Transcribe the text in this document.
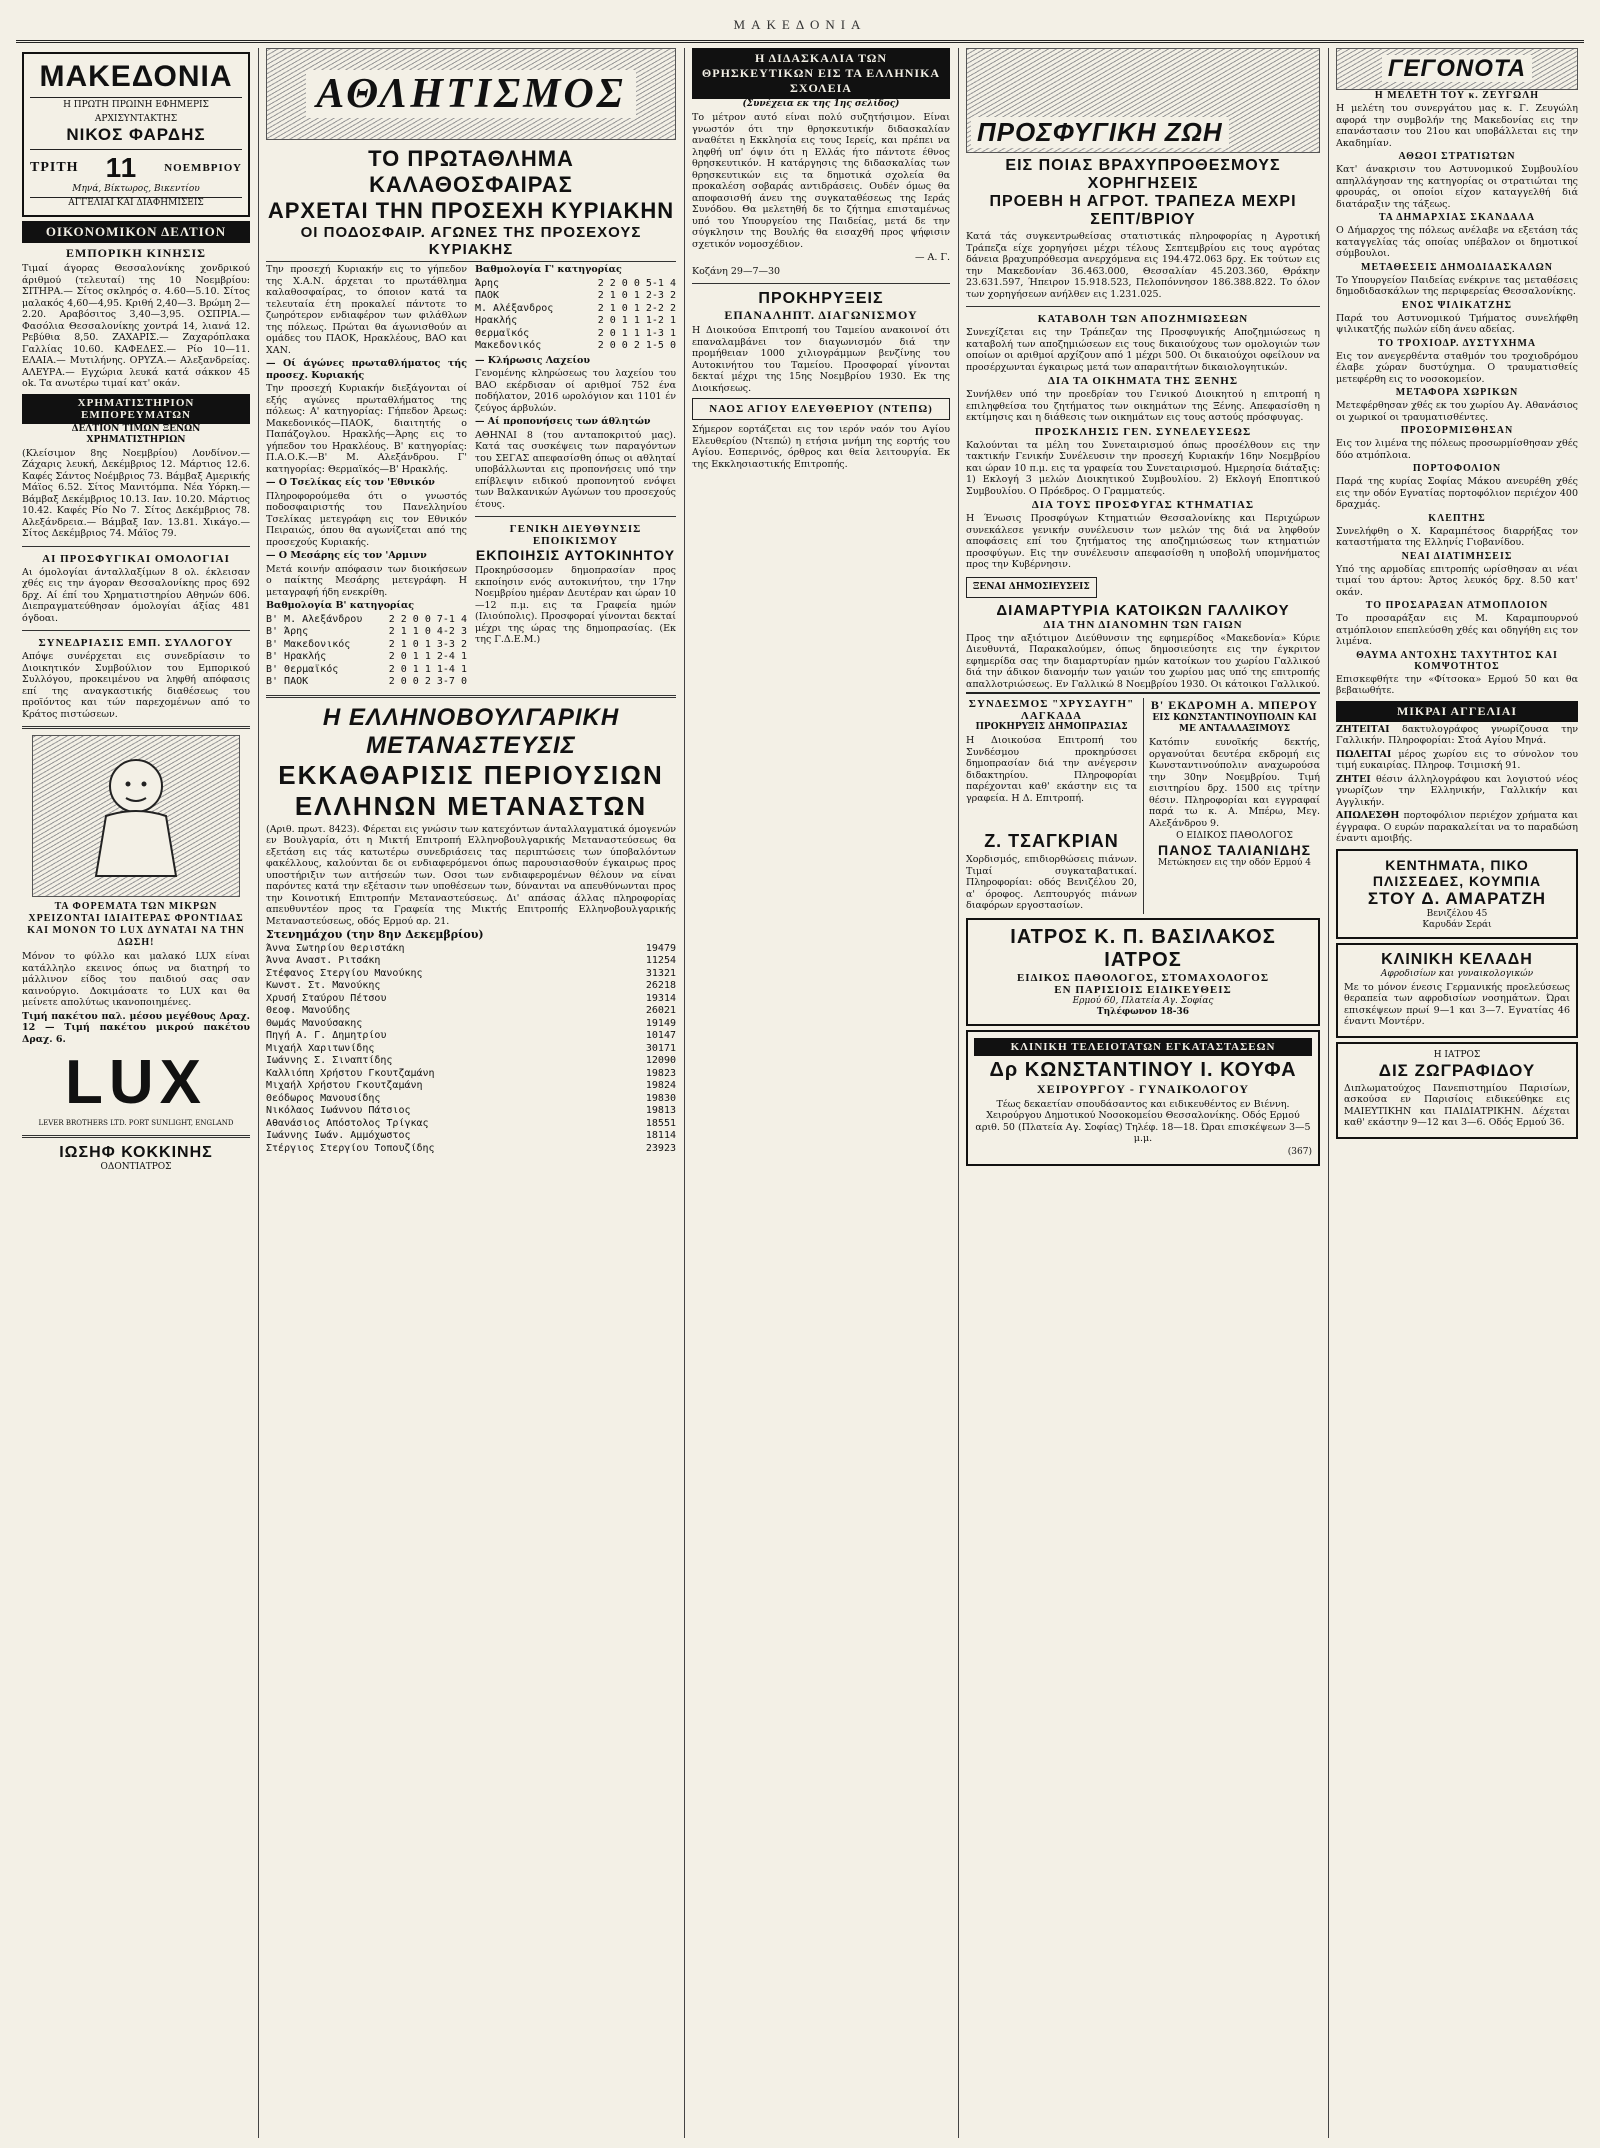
ΜΑΚΕΔΟΝΙΑ
ΜΑΚΕΔΟΝΙΑ
Η ΠΡΩΤΗ ΠΡΩΙΝΗ ΕΦΗΜΕΡΙΣ
ΑΡΧΙΣΥΝΤΑΚΤΗΣ
ΝΙΚΟΣ ΦΑΡΔΗΣ
ΤΡΙΤΗ 11 ΝΟΕΜΒΡΙΟΥ
Μηνά, Βίκτωρος, Βικεντίου
ΑΓΓΕΛΙΑΙ ΚΑΙ ΔΙΑΦΗΜΙΣΕΙΣ
ΟΙΚΟΝΟΜΙΚΟΝ ΔΕΛΤΙΟΝ
ΕΜΠΟΡΙΚΗ ΚΙΝΗΣΙΣ
Τιμαί άγορας Θεσσαλονίκης χονδρικού άριθμού (τελευταί) της 10 Νοεμβρίου: ΣΙΤΗΡΑ.— Σίτος σκληρός σ. 4.60—5.10. Σίτος μαλακός 4,60—4,95. Κριθή 2,40—3. Βρώμη 2—2.20. Αραβόσιτος 3,40—3,95. ΟΣΠΡΙΑ.— Φασόλια Θεσσαλονίκης χοντρά 14, λιανά 12. Ρεβύθια 8,50. ΖΑΧΑΡΙΣ.— Ζαχαρόπλακα Γαλλίας 10.60. ΚΑΦΕΔΕΣ.— Ρίο 10—11. ΕΛΑΙΑ.— Μυτιλήνης. ΟΡΥΖΑ.— Αλεξανδρείας. ΑΛΕΥΡΑ.— Εγχώρια λευκά κατά σάκκον 45 ok. Τα ανωτέρω τιμαί κατ' οκάν.
ΧΡΗΜΑΤΙΣΤΗΡΙΟΝ ΕΜΠΟΡΕΥΜΑΤΩΝ
ΔΕΛΤΙΟΝ ΤΙΜΩΝ ΞΕΝΩΝ ΧΡΗΜΑΤΙΣΤΗΡΙΩΝ
(Κλείσιμον 8ης Νοεμβρίου) Λονδίνον.— Ζάχαρις λευκή, Δεκέμβριος 12. Μάρτιος 12.6. Καφές Σάντος Νοέμβριος 73. Βάμβαξ Αμερικής Μάϊος 6.52. Σίτος Μανιτόμπα. Νέα Υόρκη.— Βάμβαξ Δεκέμβριος 10.13. Ιαν. 10.20. Μάρτιος 10.42. Καφές Ρίο Νο 7. Σίτος Δεκέμβριος 78. Αλεξάνδρεια.— Βάμβαξ Ιαν. 13.81. Χικάγο.— Σίτος Δεκέμβριος 74. Μάϊος 79.
ΑΙ ΠΡΟΣΦΥΓΙΚΑΙ ΟΜΟΛΟΓΙΑΙ
Αι όμολογίαι άνταλλαξίμων 8 ολ. έκλεισαν χθές εις την άγοραν Θεσσαλονίκης προς 692 δρχ. Αί έπί του Χρηματιστηρίου Αθηνών 606. Διεπραγματεύθησαν όμολογίαι άξίας 481 όγδοαι.
ΣΥΝΕΔΡΙΑΣΙΣ ΕΜΠ. ΣΥΛΛΟΓΟΥ
Απόψε συνέρχεται εις συνεδρίασιν το Διοικητικόν Συμβούλιον του Εμπορικού Συλλόγου, προκειμένου να ληφθή απόφασις επί της αναγκαστικής διαθέσεως του προϊόντος και τών παρεχομένων από το Κράτος πιστώσεων.
ΤΑ ΦΟΡΕΜΑΤΑ ΤΩΝ ΜΙΚΡΩΝ ΧΡΕΙΖΟΝΤΑΙ ΙΔΙΑΙΤΕΡΑΣ ΦΡΟΝΤΙΔΑΣ ΚΑΙ ΜΟΝΟΝ ΤΟ LUX ΔΥΝΑΤΑΙ ΝΑ ΤΗΝ ΔΩΣΗ!
Μόνον το φύλλο και μαλακό LUX είναι κατάλληλο εκεινος όπως να διατηρή το μάλλινον είδος του παιδιού σας σαν καινούργιο. Δοκιμάσατε το LUX και θα μείνετε απολύτως ικανοποιημένες.
Τιμή πακέτου παλ. μέσου μεγέθους Δραχ. 12 — Τιμή πακέτου μικρού πακέτου Δραχ. 6.
LUX
LEVER BROTHERS LTD. PORT SUNLIGHT, ENGLAND
ΙΩΣΗΦ ΚΟΚΚΙΝΗΣ
ΟΔΟΝΤΙΑΤΡΟΣ
ΑΘΛΗΤΙΣΜΟΣ
ΤΟ ΠΡΩΤΑΘΛΗΜΑ ΚΑΛΑΘΟΣΦΑΙΡΑΣ
ΑΡΧΕΤΑΙ ΤΗΝ ΠΡΟΣΕΧΗ ΚΥΡΙΑΚΗΝ
ΟΙ ΠΟΔΟΣΦΑΙΡ. ΑΓΩΝΕΣ ΤΗΣ ΠΡΟΣΕΧΟΥΣ ΚΥΡΙΑΚΗΣ
Την προσεχή Κυριακήν εις το γήπεδον της Χ.Α.Ν. άρχεται το πρωτάθλημα καλαθοσφαίρας, το όποιον κατά τα τελευταία έτη προκαλεί πάντοτε το ζωηρότερον ενδιαφέρον των φιλάθλων της πόλεως. Πρώται θα άγωνισθούν αι ομάδες του ΠΑΟΚ, Ηρακλέους, ΒΑΟ και ΧΑΝ.
— Οί άγώνες πρωταθλήματος τής προσεχ. Κυριακής
Την προσεχή Κυριακήν διεξάγονται οί εξής αγώνες πρωταθλήματος της πόλεως: Α' κατηγορίας: Γήπεδον Άρεως: Μακεδονικός—ΠΑΟΚ, διαιτητής ο Παπάζογλου. Ηρακλής—Άρης εις το γήπεδον του Ηρακλέους. Β' κατηγορίας: Π.Α.Ο.Κ.—Β' Μ. Αλεξάνδρου. Γ' κατηγορίας: Θερμαϊκός—Β' Ηρακλής.
— Ο Τσελίκας είς τον 'Εθνικόν
Πληροφορούμεθα ότι ο γνωστός ποδοσφαιριστής του Πανελληνίου Τσελίκας μετεγράφη εις τον Εθνικόν Πειραιώς, όπου θα αγωνίζεται από της προσεχούς Κυριακής.
— Ο Μεσάρης είς τον 'Αρμινν
Μετά κοινήν απόφασιν των διοικήσεων ο παίκτης Μεσάρης μετεγράφη. Η μεταγραφή ήδη ενεκρίθη.
Βαθμολογία Β' κατηγορίας
Β' Μ. Αλεξάνδρου	2 2 0 0 7-1 4
Β' Άρης	2 1 1 0 4-2 3
Β' Μακεδονικός	2 1 0 1 3-3 2
Β' Ηρακλής	2 0 1 1 2-4 1
Β' Θερμαϊκός	2 0 1 1 1-4 1
Β' ΠΑΟΚ	2 0 0 2 3-7 0
Βαθμολογία Γ' κατηγορίας
Άρης	2 2 0 0 5-1 4
ΠΑΟΚ	2 1 0 1 2-3 2
Μ. Αλέξανδρος	2 1 0 1 2-2 2
Ηρακλής	2 0 1 1 1-2 1
Θερμαϊκός	2 0 1 1 1-3 1
Μακεδονικός	2 0 0 2 1-5 0
— Κλήρωσις Λαχείου
Γενομένης κληρώσεως του λαχείου του ΒΑΟ εκέρδισαν οί αριθμοί 752 ένα ποδήλατον, 2016 ωρολόγιον και 1101 έν ζεύγος άρβυλών.
— Αί προπονήσεις των άθλητών
ΑΘΗΝΑΙ 8 (του ανταποκριτού μας). Κατά τας συσκέψεις των παραγόντων του ΣΕΓΑΣ απεφασίσθη όπως οι αθληταί υποβάλλωνται εις προπονήσεις υπό την επίβλεψιν ειδικού προπονητού ενόψει των Βαλκανικών Αγώνων του προσεχούς έτους.
ΓΕΝΙΚΗ ΔΙΕΥΘΥΝΣΙΣ ΕΠΟΙΚΙΣΜΟΥ
ΕΚΠΟΙΗΣΙΣ ΑΥΤΟΚΙΝΗΤΟΥ
Προκηρύσσομεν δημοπρασίαν προς εκποίησιν ενός αυτοκινήτου, την 17ην Νοεμβρίου ημέραν Δευτέραν και ώραν 10—12 π.μ. εις τα Γραφεία ημών (Ιλιούπολις). Προσφοραί γίνονται δεκταί μέχρι της ώρας της δημοπρασίας. (Εκ της Γ.Δ.Ε.Μ.)
Η ΕΛΛΗΝΟΒΟΥΛΓΑΡΙΚΗ ΜΕΤΑΝΑΣΤΕΥΣΙΣ
ΕΚΚΑΘΑΡΙΣΙΣ ΠΕΡΙΟΥΣΙΩΝ ΕΛΛΗΝΩΝ ΜΕΤΑΝΑΣΤΩΝ
(Αριθ. πρωτ. 8423). Φέρεται εις γνώσιν των κατεχόντων άνταλλαγματικά όμογενών εν Βουλγαρία, ότι η Μικτή Επιτροπή Ελληνοβουλγαρικής Μεταναστεύσεως θα εξετάση εις τάς κατωτέρω συνεδριάσεις τας περιπτώσεις των ύποβαλόντων φακέλλους, καλούνται δε οι ενδιαφερόμενοι όπως παρουσιασθούν έγκαιρως προς υποστήριξιν των αιτήσεών των. Οσοι των ενδιαφερομένων θέλουν να είναι παρόντες κατά την εξέτασιν των υποθέσεων των, δύνανται να απευθύνωνται προς την Κοινοτική Επιτροπήν Μεταναστεύσεως. Δι' απάσας άλλας πληροφορίας απευθυντέον προς τα Γραφεία της Μικτής Επιτροπής Ελληνοβουλγαρικής Μεταναστεύσεως, οδός Ερμού αρ. 21.
Στενημάχου (την 8ην Δεκεμβρίου)
Άννα Σωτηρίου Θεριστάκη	19479
Άννα Αναστ. Ριτσάκη	11254
Στέφανος Στεργίου Μανούκης	31321
Κωνστ. Στ. Μανούκης	26218
Χρυσή Σταύρου Πέτσου	19314
Θεοφ. Μανούδης	26021
Θωμάς Μανούσακης	19149
Πηγή Α. Γ. Δημητρίου	10147
Μιχαήλ Χαριτωνίδης	30171
Ιωάννης Σ. Σιναπτίδης	12090
Καλλιόπη Χρήστου Γκουτζαμάνη	19823
Μιχαήλ Χρήστου Γκουτζαμάνη	19824
Θεόδωρος Μανουσίδης	19830
Νικόλαος Ιωάννου Πάτσιος	19813
Αθανάσιος Απόστολος Τρίγκας	18551
Ιωάννης Ιωάν. Αμμόχωστος	18114
Στέργιος Στεργίου Τοπουζίδης	23923
Η ΔΙΔΑΣΚΑΛΙΑ ΤΩΝ ΘΡΗΣΚΕΥΤΙΚΩΝ ΕΙΣ ΤΑ ΕΛΛΗΝΙΚΑ ΣΧΟΛΕΙΑ
(Συνέχεια εκ της 1ης σελίδος)
Το μέτρον αυτό είναι πολύ συζητήσιμον. Είναι γνωστόν ότι την θρησκευτικήν διδασκαλίαν αναθέτει η Εκκλησία εις τους Ιερείς, και πρέπει να ληφθή υπ' όψιν ότι η Ελλάς ήτο πάντοτε έθνος θρησκευτικόν. Η κατάργησις της διδασκαλίας των θρησκευτικών εις τα δημοτικά σχολεία θα προκαλέση σοβαράς αντιδράσεις. Ουδέν όμως θα αποφασισθή άνευ της συγκαταθέσεως της Ιεράς Συνόδου. Θα μελετηθή δε το ζήτημα επισταμένως υπό του Υπουργείου της Παιδείας, μετά δε την σύγκλησιν της Βουλής θα εισαχθή προς ψήφισιν σχετικόν νομοσχέδιον.
— Α. Γ.
Κοζάνη 29—7—30
ΠΡΟΚΗΡΥΞΕΙΣ
ΕΠΑΝΑΛΗΠΤ. ΔΙΑΓΩΝΙΣΜΟΥ
Η Διοικούσα Επιτροπή του Ταμείου ανακοινοί ότι επαναλαμβάνει τον διαγωνισμόν διά την προμήθειαν 1000 χιλιογράμμων βενζίνης του Αυτοκινήτου του Ταμείου. Προσφοραί γίνονται δεκταί μέχρι της 15ης Νοεμβρίου 1930. Εκ της Διοικήσεως.
ΝΑΟΣ ΑΓΙΟΥ ΕΛΕΥΘΕΡΙΟΥ (ΝΤΕΠΩ)
Σήμερον εορτάζεται εις τον ιερόν ναόν του Αγίου Ελευθερίου (Ντεπώ) η ετήσια μνήμη της εορτής του Αγίου. Εσπερινός, όρθρος και θεία λειτουργία. Εκ της Εκκλησιαστικής Επιτροπής.
ΠΡΟΣΦΥΓΙΚΗ ΖΩΗ
ΕΙΣ ΠΟΙΑΣ ΒΡΑΧΥΠΡΟΘΕΣΜΟΥΣ ΧΟΡΗΓΗΣΕΙΣ
ΠΡΟΕΒΗ Η ΑΓΡΟΤ. ΤΡΑΠΕΖΑ ΜΕΧΡΙ ΣΕΠΤ/ΒΡΙΟΥ
Κατά τάς συγκεντρωθείσας στατιστικάς πληροφορίας η Αγροτική Τράπεζα είχε χορηγήσει μέχρι τέλους Σεπτεμβρίου εις τους αγρότας δάνεια βραχυπρόθεσμα ανερχόμενα εις 194.472.063 δρχ. Εκ τούτων εις την Μακεδονίαν 36.463.000, Θεσσαλίαν 45.203.360, Θράκην 23.631.597, Ήπειρον 15.918.523, Πελοπόννησον 186.388.822. Το όλον των χορηγήσεων ανήλθεν εις 1.231.025.
ΚΑΤΑΒΟΛΗ ΤΩΝ ΑΠΟΖΗΜΙΩΣΕΩΝ
Συνεχίζεται εις την Τράπεζαν της Προσφυγικής Αποζημιώσεως η καταβολή των αποζημιώσεων εις τους δικαιούχους των ομολογιών των οποίων οι αριθμοί αρχίζουν από 1 μέχρι 500. Οι δικαιούχοι οφείλουν να προσέρχωνται έγκαιρως μετά των απαραιτήτων δικαιολογητικών.
ΔΙΑ ΤΑ ΟΙΚΗΜΑΤΑ ΤΗΣ ΞΕΝΗΣ
Συνήλθεν υπό την προεδρίαν του Γενικού Διοικητού η επιτροπή η επιληφθείσα του ζητήματος των οικημάτων της Ξένης. Απεφασίσθη η εκτίμησις και η διάθεσις των οικημάτων εις τους αστούς πρόσφυγας.
ΠΡΟΣΚΛΗΣΙΣ ΓΕΝ. ΣΥΝΕΛΕΥΣΕΩΣ
Καλούνται τα μέλη του Συνεταιρισμού όπως προσέλθουν εις την τακτικήν Γενικήν Συνέλευσιν την προσεχή Κυριακήν 16ην Νοεμβρίου και ώραν 10 π.μ. εις τα γραφεία του Συνεταιρισμού. Ημερησία διάταξις: 1) Εκλογή 3 μελών Διοικητικού Συμβουλίου. 2) Εκλογή Εποπτικού Συμβουλίου. Ο Πρόεδρος. Ο Γραμματεύς.
ΔΙΑ ΤΟΥΣ ΠΡΟΣΦΥΓΑΣ ΚΤΗΜΑΤΙΑΣ
Η Ένωσις Προσφύγων Κτηματιών Θεσσαλονίκης και Περιχώρων συνεκάλεσε γενικήν συνέλευσιν των μελών της διά να ληφθούν αποφάσεις επί του ζητήματος της αποζημιώσεως των κτηματιών προσφύγων. Εις την συνέλευσιν απεφασίσθη η υποβολή υπομνήματος προς την Κυβέρνησιν.
ΞΕΝΑΙ ΔΗΜΟΣΙΕΥΣΕΙΣ
ΔΙΑΜΑΡΤΥΡΙΑ ΚΑΤΟΙΚΩΝ ΓΑΛΛΙΚΟΥ
ΔΙΑ ΤΗΝ ΔΙΑΝΟΜΗΝ ΤΩΝ ΓΑΙΩΝ
Προς την αξιότιμον Διεύθυνσιν της εφημερίδος «Μακεδονία» Κύριε Διευθυντά, Παρακαλούμεν, όπως δημοσιεύσητε εις την έγκριτον εφημερίδα σας την διαμαρτυρίαν ημών κατοίκων του χωρίου Γαλλικού διά την άδικον διανομήν των γαιών του χωρίου μας υπό της επιτροπής απαλλοτριώσεως. Εν Γαλλικώ 8 Νοεμβρίου 1930. Οι κάτοικοι Γαλλικού.
ΣΥΝΔΕΣΜΟΣ "ΧΡΥΣΑΥΓΗ" ΛΑΓΚΑΔΑ
ΠΡΟΚΗΡΥΞΙΣ ΔΗΜΟΠΡΑΣΙΑΣ
Η Διοικούσα Επιτροπή του Συνδέσμου προκηρύσσει δημοπρασίαν διά την ανέγερσιν διδακτηρίου. Πληροφορίαι παρέχονται καθ' εκάστην εις τα γραφεία. Η Δ. Επιτροπή.
Β' ΕΚΔΡΟΜΗ Α. ΜΠΕΡΟΥ
ΕΙΣ ΚΩΝΣΤΑΝΤΙΝΟΥΠΟΛΙΝ ΚΑΙ ΜΕ ΑΝΤΑΛΛΑΞΙΜΟΥΣ
Κατόπιν ευνοϊκής δεκτής, οργανούται δευτέρα εκδρομή εις Κωνσταντινούπολιν αναχωρούσα την 30ην Νοεμβρίου. Τιμή εισιτηρίου δρχ. 1500 εις τρίτην θέσιν. Πληροφορίαι και εγγραφαί παρά τω κ. Α. Μπέρω, Μεγ. Αλεξάνδρου 9.
Ζ. ΤΣΑΓΚΡΙΑΝ
Χορδισμός, επιδιορθώσεις πιάνων. Τιμαί συγκαταβατικαί. Πληροφορίαι: οδός Βενιζέλου 20, α' όροφος. Λεπτουργός πιάνων διαφόρων εργοστασίων.
Ο ΕΙΔΙΚΟΣ ΠΑΘΟΛΟΓΟΣ
ΠΑΝΟΣ ΤΑΛΙΑΝΙΔΗΣ
Μετώκησεν εις την οδόν Ερμού 4
ΙΑΤΡΟΣ Κ. Π. ΒΑΣΙΛΑΚΟΣ ΙΑΤΡΟΣ
ΕΙΔΙΚΟΣ ΠΑΘΟΛΟΓΟΣ, ΣΤΟΜΑΧΟΛΟΓΟΣ
ΕΝ ΠΑΡΙΣΙΟΙΣ ΕΙΔΙΚΕΥΘΕΙΣ
Ερμού 60, Πλατεία Αγ. Σοφίας
Τηλέφωνον 18-36
ΚΛΙΝΙΚΗ ΤΕΛΕΙΟΤΑΤΩΝ ΕΓΚΑΤΑΣΤΑΣΕΩΝ
Δρ ΚΩΝΣΤΑΝΤΙΝΟΥ Ι. ΚΟΥΦΑ
ΧΕΙΡΟΥΡΓΟΥ - ΓΥΝΑΙΚΟΛΟΓΟΥ
Τέως δεκαετίαν σπουδάσαντος και ειδικευθέντος εν Βιέννη. Χειρούργου Δημοτικού Νοσοκομείου Θεσσαλονίκης. Οδός Ερμού αριθ. 50 (Πλατεία Αγ. Σοφίας) Τηλέφ. 18—18. Ώραι επισκέψεων 3—5 μ.μ.
(367)
ΓΕΓΟΝΟΤΑ
Η ΜΕΛΕΤΗ ΤΟΥ κ. ΖΕΥΓΩΛΗ
Η μελέτη του συνεργάτου μας κ. Γ. Ζευγώλη αφορά την συμβολήν της Μακεδονίας εις την επανάστασιν του 21ου και υποβάλλεται εις την Ακαδημίαν.
ΑΘΩΟΙ ΣΤΡΑΤΙΩΤΩΝ
Κατ' άνακρισιν του Αστυνομικού Συμβουλίου απηλλάγησαν της κατηγορίας οι στρατιώται της φρουράς, οι οποίοι είχον καταγγελθή διά διατάραξιν της τάξεως.
ΤΑ ΔΗΜΑΡΧΙΑΣ ΣΚΑΝΔΑΛΑ
Ο Δήμαρχος της πόλεως ανέλαβε να εξετάση τάς καταγγελίας τάς οποίας υπέβαλον οι δημοτικοί σύμβουλοι.
ΜΕΤΑΘΕΣΕΙΣ ΔΗΜΟΔΙΔΑΣΚΑΛΩΝ
Το Υπουργείον Παιδείας ενέκρινε τας μεταθέσεις δημοδιδασκάλων της περιφερείας Θεσσαλονίκης.
ΕΝΟΣ ΨΙΛΙΚΑΤΖΗΣ
Παρά του Αστυνομικού Τμήματος συνελήφθη ψιλικατζής πωλών είδη άνευ αδείας.
ΤΟ ΤΡΟΧΙΟΔΡ. ΔΥΣΤΥΧΗΜΑ
Εις τον ανεγερθέντα σταθμόν του τροχιοδρόμου έλαβε χώραν δυστύχημα. Ο τραυματισθείς μετεφέρθη εις το νοσοκομείον.
ΜΕΤΑΦΟΡΑ ΧΩΡΙΚΩΝ
Μετεφέρθησαν χθές εκ του χωρίου Αγ. Αθανάσιος οι χωρικοί οι τραυματισθέντες.
ΠΡΟΣΟΡΜΙΣΘΗΣΑΝ
Εις τον λιμένα της πόλεως προσωρμίσθησαν χθές δύο ατμόπλοια.
ΠΟΡΤΟΦΟΛΙΟΝ
Παρά της κυρίας Σοφίας Μάκου ανευρέθη χθές εις την οδόν Εγνατίας πορτοφόλιον περιέχον 400 δραχμάς.
ΚΛΕΠΤΗΣ
Συνελήφθη ο Χ. Καραμπέτσος διαρρήξας τον καταστήματα της Ελληνίς Γιοβανίδου.
ΝΕΑΙ ΔΙΑΤΙΜΗΣΕΙΣ
Υπό της αρμοδίας επιτροπής ωρίσθησαν αι νέαι τιμαί του άρτου: Άρτος λευκός δρχ. 8.50 κατ' οκάν.
ΤΟ ΠΡΟΣΑΡΑΞΑΝ ΑΤΜΟΠΛΟΙΟΝ
Το προσαράξαν εις Μ. Καραμπουρνού ατμόπλοιον επεπλεύσθη χθές και οδηγήθη εις τον λιμένα.
ΘΑΥΜΑ ΑΝΤΟΧΗΣ ΤΑΧΥΤΗΤΟΣ ΚΑΙ ΚΟΜΨΟΤΗΤΟΣ
Επισκεφθήτε την «Φίτσοκα» Ερμού 50 και θα βεβαιωθήτε.
ΜΙΚΡΑΙ ΑΓΓΕΛΙΑΙ
ΖΗΤΕΙΤΑΙ δακτυλογράφος γνωρίζουσα την Γαλλικήν. Πληροφορίαι: Στοά Αγίου Μηνά.
ΠΩΛΕΙΤΑΙ μέρος χωρίου εις το σύνολον του τιμή ευκαιρίας. Πληροφ. Τσιμισκή 91.
ΖΗΤΕΙ θέσιν άλληλογράφου και λογιστού νέος γνωρίζων την Ελληνικήν, Γαλλικήν και Αγγλικήν.
ΑΠΩΛΕΣΘΗ πορτοφόλιον περιέχον χρήματα και έγγραφα. Ο ευρών παρακαλείται να το παραδώση έναντι αμοιβής.
ΚΕΝΤΗΜΑΤΑ, ΠΙΚΟ
ΠΛΙΣΣΕΔΕΣ, ΚΟΥΜΠΙΑ
ΣΤΟΥ Δ. ΑΜΑΡΑΤΖΗ
Βενιζέλου 45
Καρυδάν Σεράι
ΚΛΙΝΙΚΗ ΚΕΛΑΔΗ
Αφροδισίων και γυναικολογικών
Με το μόνον ένεσις Γερμανικής προελεύσεως θεραπεία των αφροδισίων νοσημάτων. Ώραι επισκέψεων πρωί 9—1 και 3—7. Εγνατίας 46 έναντι Μοντέρν.
Η ΙΑΤΡΟΣ
ΔΙΣ ΖΩΓΡΑΦΙΔΟΥ
Διπλωματούχος Πανεπιστημίου Παρισίων, ασκούσα εν Παρισίοις ειδικεύθηκε εις ΜΑΙΕΥΤΙΚΗΝ και ΠΑΙΔΙΑΤΡΙΚΗΝ. Δέχεται καθ' εκάστην 9—12 και 3—6. Οδός Ερμού 36.
